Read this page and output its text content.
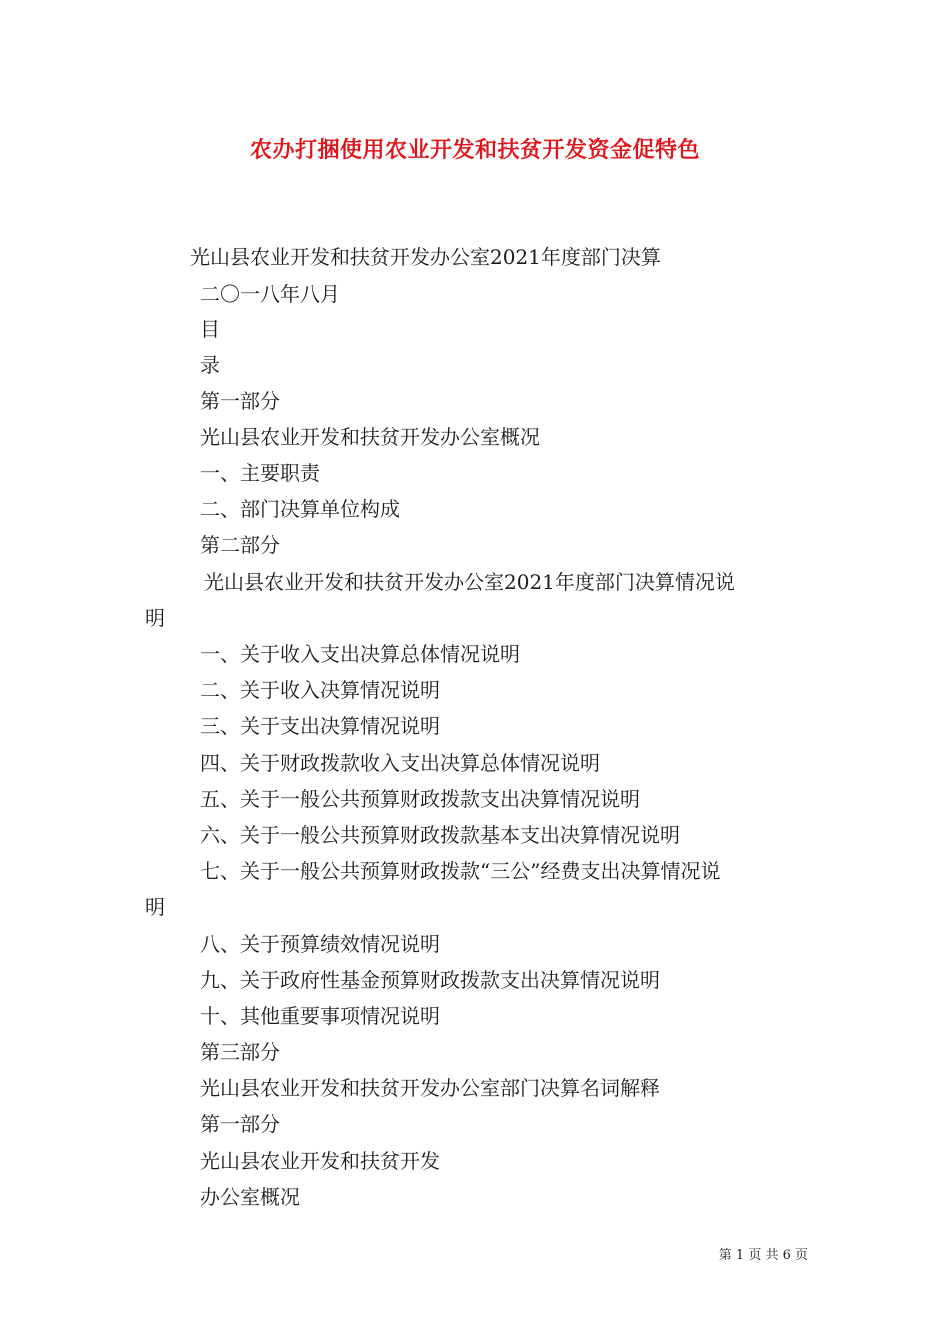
农办打捆使用农业开发和扶贫开发资金促特色
光山县农业开发和扶贫开发办公室2021年度部门决算
二〇一八年八月
目
录
第一部分
光山县农业开发和扶贫开发办公室概况
一、主要职责
二、部门决算单位构成
第二部分
光山县农业开发和扶贫开发办公室2021年度部门决算情况说
明
一、关于收入支出决算总体情况说明
二、关于收入决算情况说明
三、关于支出决算情况说明
四、关于财政拨款收入支出决算总体情况说明
五、关于一般公共预算财政拨款支出决算情况说明
六、关于一般公共预算财政拨款基本支出决算情况说明
七、关于一般公共预算财政拨款“三公”经费支出决算情况说
明
八、关于预算绩效情况说明
九、关于政府性基金预算财政拨款支出决算情况说明
十、其他重要事项情况说明
第三部分
光山县农业开发和扶贫开发办公室部门决算名词解释
第一部分
光山县农业开发和扶贫开发
办公室概况
第 1 页 共 6 页
